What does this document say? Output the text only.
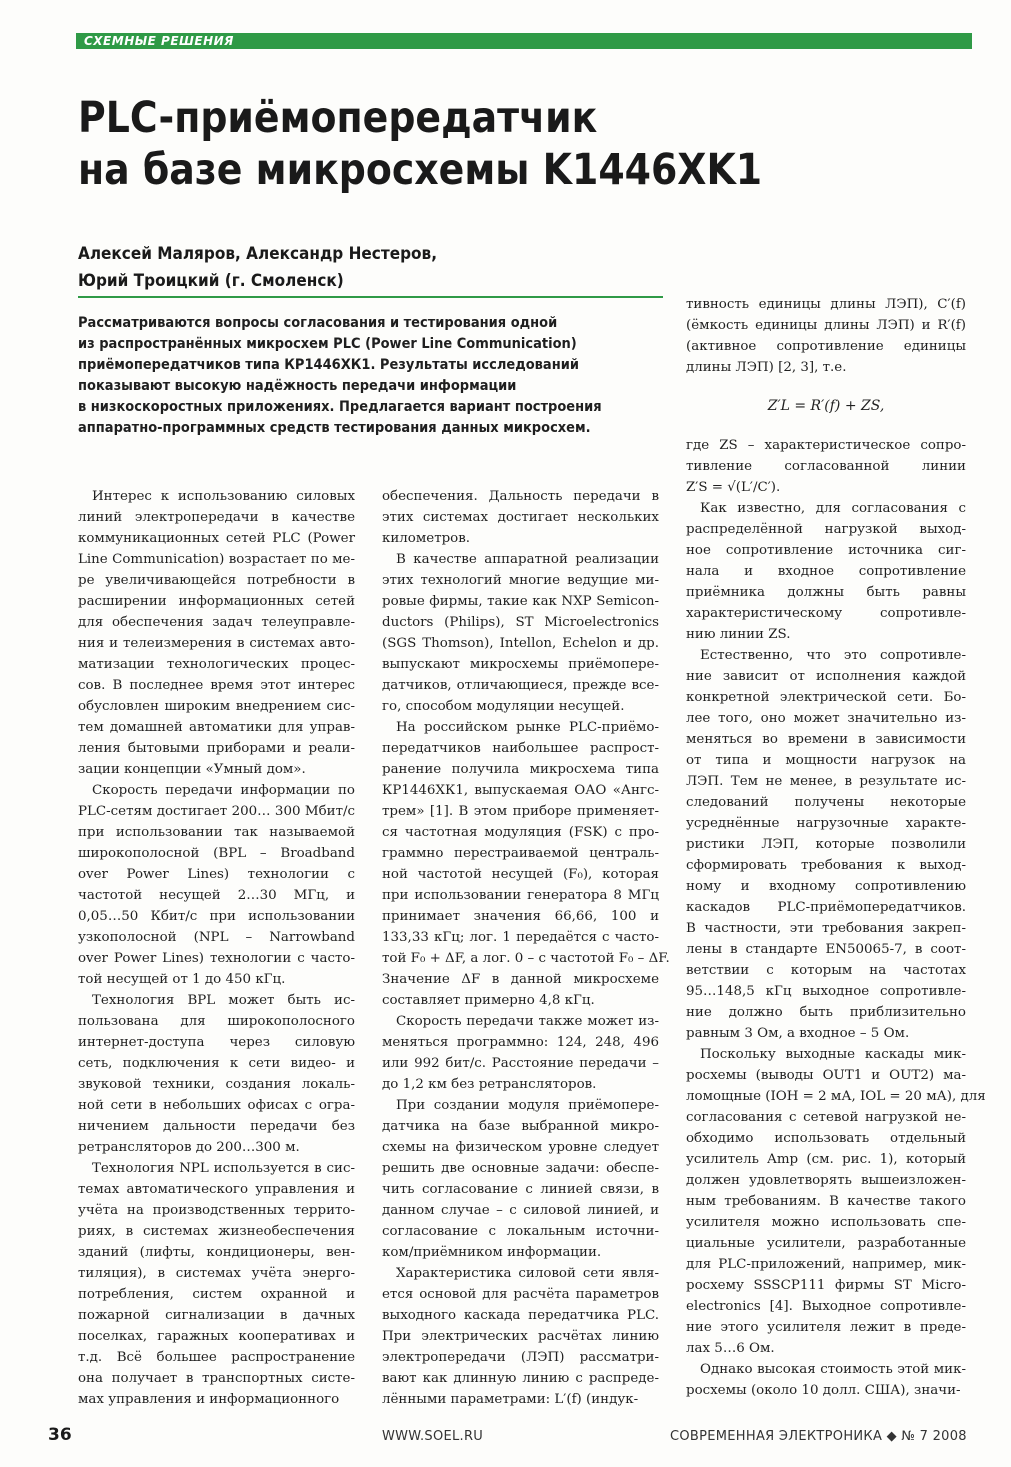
СХЕМНЫЕ РЕШЕНИЯ
PLC-приёмопередатчик
на базе микросхемы K1446XK1
Алексей Маляров, Александр Нестеров,
Юрий Троицкий (г. Смоленск)
Рассматриваются вопросы согласования и тестирования одной
из распространённых микросхем PLC (Power Line Communication)
приёмопередатчиков типа КР1446ХК1. Результаты исследований
показывают высокую надёжность передачи информации
в низкоскоростных приложениях. Предлагается вариант построения
аппаратно-программных средств тестирования данных микросхем.

Интерес к использованию силовых
линий электропередачи в качестве
коммуникационных сетей PLC (Power
Line Communication) возрастает по ме-
ре увеличивающейся потребности в
расширении информационных сетей
для обеспечения задач телеуправле-
ния и телеизмерения в системах авто-
матизации технологических процес-
сов. В последнее время этот интерес
обусловлен широким внедрением сис-
тем домашней автоматики для управ-
ления бытовыми приборами и реали-
зации концепции «Умный дом».

Скорость передачи информации по
PLC-сетям достигает 200… 300 Мбит/с
при использовании так называемой
широкополосной (BPL – Broadband
over Power Lines) технологии с
частотой несущей 2…30 МГц, и
0,05…50 Кбит/с при использовании
узкополосной (NPL – Narrowband
over Power Lines) технологии с часто-
той несущей от 1 до 450 кГц.

Технология BPL может быть ис-
пользована для широкополосного
интернет-доступа через силовую
сеть, подключения к сети видео- и
звуковой техники, создания локаль-
ной сети в небольших офисах с огра-
ничением дальности передачи без
ретрансляторов до 200…300 м.

Технология NPL используется в сис-
темах автоматического управления и
учёта на производственных террито-
риях, в системах жизнеобеспечения
зданий (лифты, кондиционеры, вен-
тиляция), в системах учёта энерго-
потребления, систем охранной и
пожарной сигнализации в дачных
поселках, гаражных кооперативах и
т.д. Всё большее распространение
она получает в транспортных систе-
мах управления и информационного

обеспечения. Дальность передачи в
этих системах достигает нескольких
километров.

В качестве аппаратной реализации
этих технологий многие ведущие ми-
ровые фирмы, такие как NXP Semicon-
ductors (Philips), ST Microelectronics
(SGS Thomson), Intellon, Echelon и др.
выпускают микросхемы приёмопере-
датчиков, отличающиеся, прежде все-
го, способом модуляции несущей.

На российском рынке PLC-приёмо-
передатчиков наибольшее распрост-
ранение получила микросхема типа
КР1446ХК1, выпускаемая ОАО «Ангс-
трем» [1]. В этом приборе применяет-
ся частотная модуляция (FSK) с про-
граммно перестраиваемой централь-
ной частотой несущей (F₀), которая
при использовании генератора 8 МГц
принимает значения 66,66, 100 и
133,33 кГц; лог. 1 передаётся с часто-
той F₀ + ΔF, а лог. 0 – с частотой F₀ – ΔF.
Значение ΔF в данной микросхеме
составляет примерно 4,8 кГц.

Скорость передачи также может из-
меняться программно: 124, 248, 496
или 992 бит/с. Расстояние передачи –
до 1,2 км без ретрансляторов.

При создании модуля приёмопере-
датчика на базе выбранной микро-
схемы на физическом уровне следует
решить две основные задачи: обеспе-
чить согласование с линией связи, в
данном случае – с силовой линией, и
согласование с локальным источни-
ком/приёмником информации.

Характеристика силовой сети явля-
ется основой для расчёта параметров
выходного каскада передатчика PLC.
При электрических расчётах линию
электропередачи (ЛЭП) рассматри-
вают как длинную линию с распреде-
лёнными параметрами: L′(f) (индук-

тивность единицы длины ЛЭП), C′(f)
(ёмкость единицы длины ЛЭП) и R′(f)
(активное сопротивление единицы
длины ЛЭП) [2, 3], т.е.
Z′L = R′(f) + ZS,
где ZS – характеристическое сопро-
тивление согласованной линии
Z′S = √(L′/C′).

Как известно, для согласования с
распределённой нагрузкой выход-
ное сопротивление источника сиг-
нала и входное сопротивление
приёмника должны быть равны
характеристическому сопротивле-
нию линии ZS.

Естественно, что это сопротивле-
ние зависит от исполнения каждой
конкретной электрической сети. Бо-
лее того, оно может значительно из-
меняться во времени в зависимости
от типа и мощности нагрузок на
ЛЭП. Тем не менее, в результате ис-
следований получены некоторые
усреднённые нагрузочные характе-
ристики ЛЭП, которые позволили
сформировать требования к выход-
ному и входному сопротивлению
каскадов PLC-приёмопередатчиков.
В частности, эти требования закреп-
лены в стандарте EN50065-7, в соот-
ветствии с которым на частотах
95…148,5 кГц выходное сопротивле-
ние должно быть приблизительно
равным 3 Ом, а входное – 5 Ом.

Поскольку выходные каскады мик-
росхемы (выводы OUT1 и OUT2) ма-
ломощные (IOH = 2 мА, IOL = 20 мА), для
согласования с сетевой нагрузкой не-
обходимо использовать отдельный
усилитель Amp (см. рис. 1), который
должен удовлетворять вышеизложен-
ным требованиям. В качестве такого
усилителя можно использовать спе-
циальные усилители, разработанные
для PLC-приложений, например, мик-
росхему SSSCP111 фирмы ST Micro-
electronics [4]. Выходное сопротивле-
ние этого усилителя лежит в преде-
лах 5…6 Ом.

Однако высокая стоимость этой мик-
росхемы (около 10 долл. США), значи-

36	WWW.SOEL.RU	СОВРЕМЕННАЯ ЭЛЕКТРОНИКА ◆ № 7 2008
